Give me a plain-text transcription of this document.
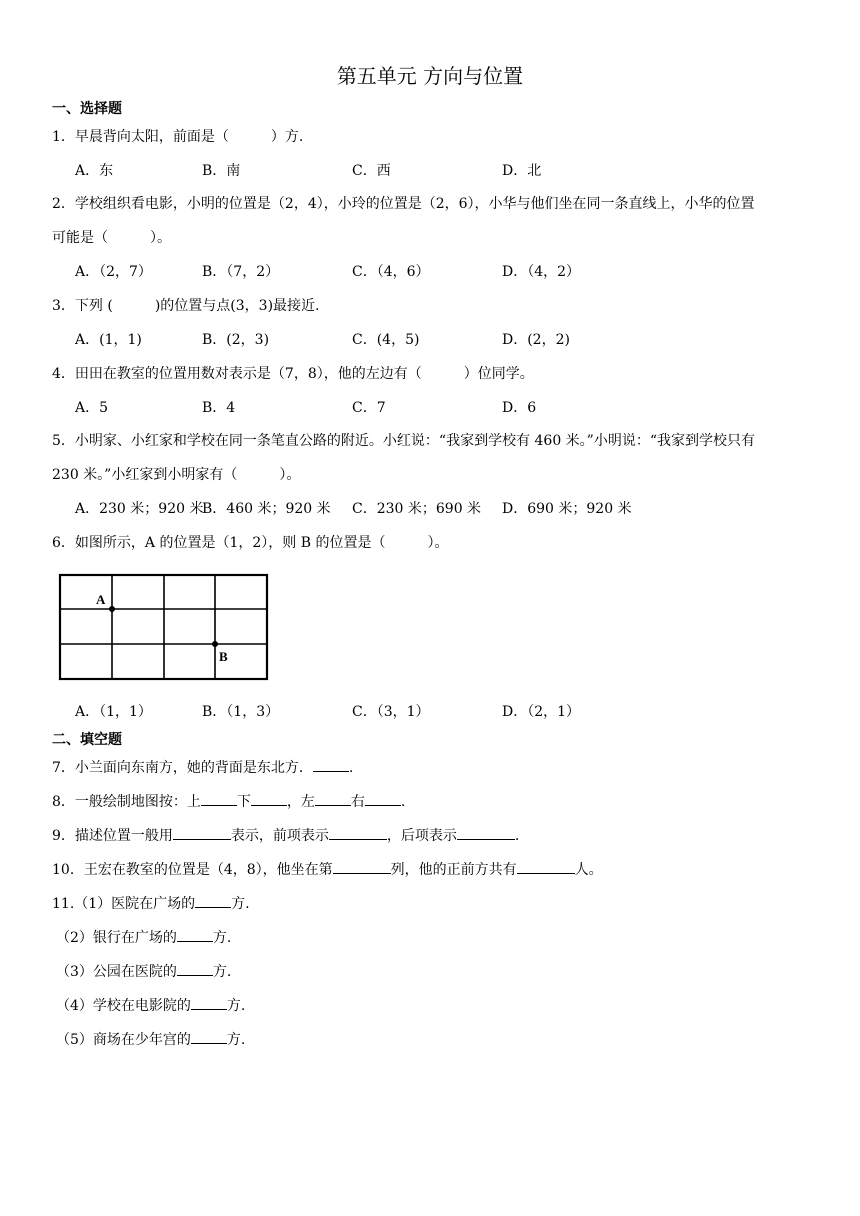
第五单元 方向与位置
一、选择题
1．早晨背向太阳，前面是（	）方.
A．东	B．南	C．西	D．北
2．学校组织看电影，小明的位置是（2，4），小玲的位置是（2，6），小华与他们坐在同一条直线上，小华的位置
可能是（	）。
A．（2，7）	B．（7，2）	C．（4，6）	D．（4，2）
3．下列 (	)的位置与点(3，3)最接近.
A．(1，1)	B．(2，3)	C．(4，5)	D．(2，2)
4．田田在教室的位置用数对表示是（7，8），他的左边有（	）位同学。
A．5	B．4	C．7	D．6
5．小明家、小红家和学校在同一条笔直公路的附近。小红说：“我家到学校有 460 米。”小明说：“我家到学校只有
230 米。”小红家到小明家有（	）。
A．230 米；920 米
B．460 米；920 米 C．230 米；690 米 D．690 米；920 米
6．如图所示，A 的位置是（1，2），则 B 的位置是（	）。
A
B
A．（1，1）	B．（1，3）	C．（3，1）	D．（2，1）
二、填空题
7．小兰面向东南方，她的背面是东北方．	.
8．一般绘制地图按：上	下	，左	右	.
9．描述位置一般用	表示，前项表示	，后项表示	.
10．王宏在教室的位置是（4，8），他坐在第	列，他的正前方共有	人。
11.（1）医院在广场的	方.
（2）银行在广场的	方.
（3）公园在医院的	方.
（4）学校在电影院的	方.
（5）商场在少年宫的	方.
